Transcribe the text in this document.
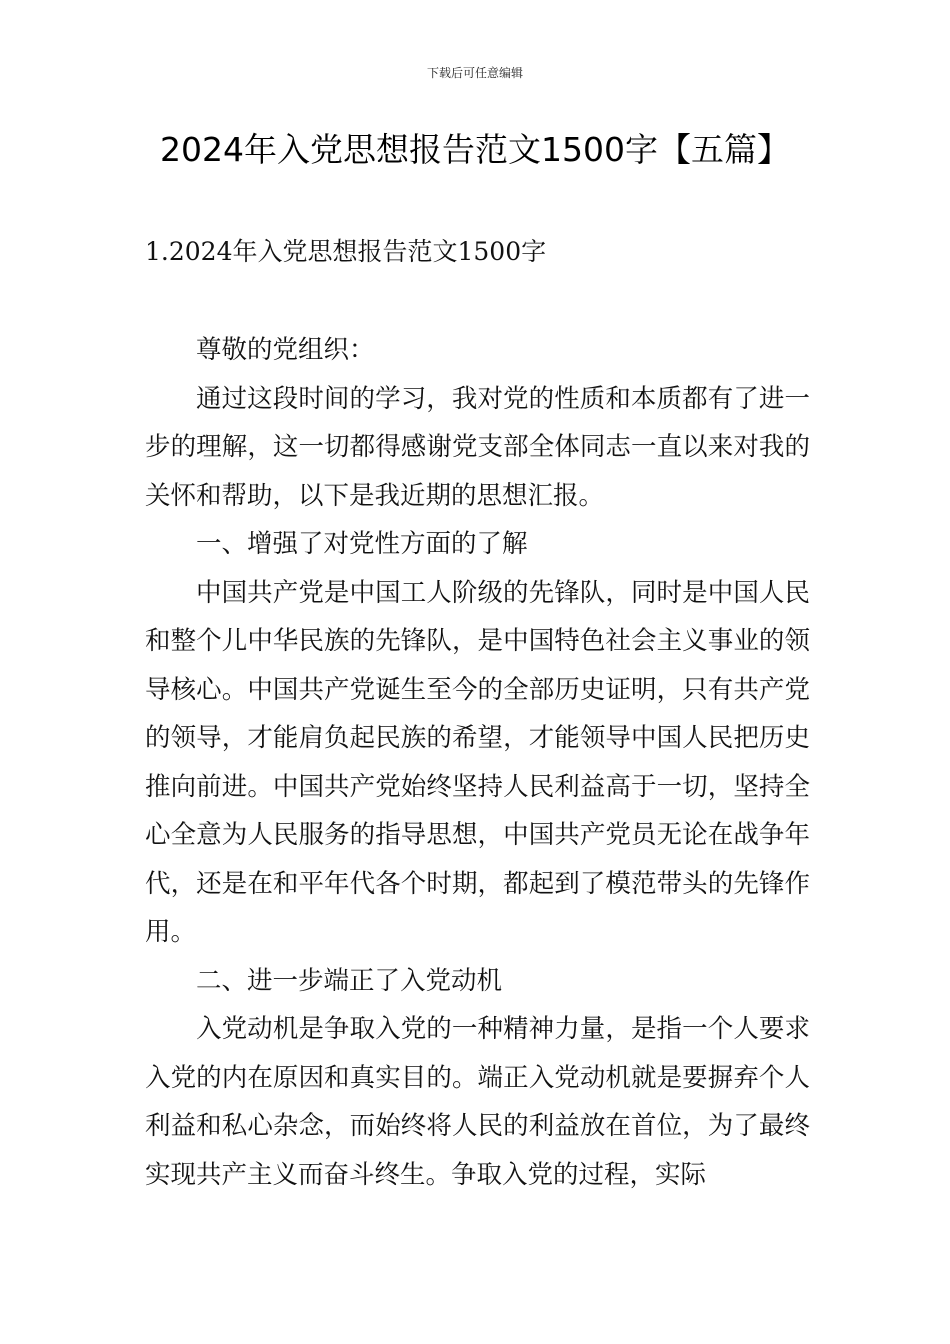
下载后可任意编辑
2024年入党思想报告范文1500字【五篇】
1.2024年入党思想报告范文1500字

尊敬的党组织：

通过这段时间的学习，我对党的性质和本质都有了进一步的理解，这一切都得感谢党支部全体同志一直以来对我的关怀和帮助，以下是我近期的思想汇报。

一、增强了对党性方面的了解

中国共产党是中国工人阶级的先锋队，同时是中国人民和整个儿中华民族的先锋队，是中国特色社会主义事业的领导核心。中国共产党诞生至今的全部历史证明，只有共产党的领导，才能肩负起民族的希望，才能领导中国人民把历史推向前进。中国共产党始终坚持人民利益高于一切，坚持全心全意为人民服务的指导思想，中国共产党员无论在战争年代，还是在和平年代各个时期，都起到了模范带头的先锋作用。

二、进一步端正了入党动机

入党动机是争取入党的一种精神力量，是指一个人要求入党的内在原因和真实目的。端正入党动机就是要摒弃个人利益和私心杂念，而始终将人民的利益放在首位，为了最终实现共产主义而奋斗终生。争取入党的过程，实际
